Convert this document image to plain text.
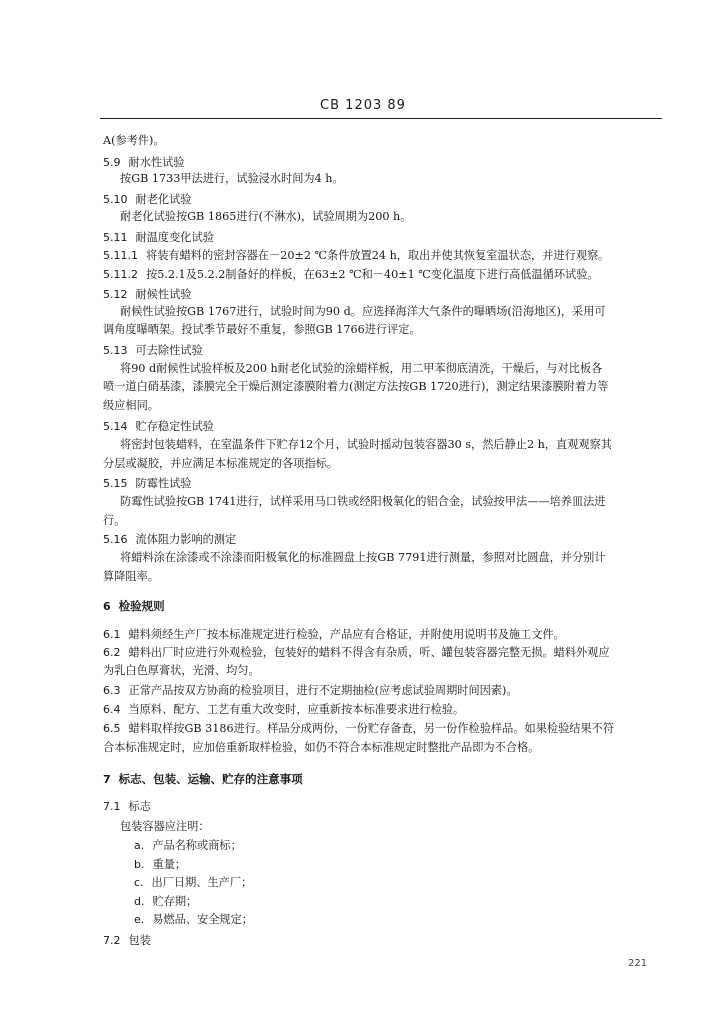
CB 1203 89
A(参考件)。
5.9 耐水性试验
按GB 1733甲法进行，试验浸水时间为4 h。
5.10 耐老化试验
耐老化试验按GB 1865进行(不淋水)，试验周期为200 h。
5.11 耐温度变化试验
5.11.1 将装有蜡料的密封容器在－20±2 ℃条件放置24 h，取出并使其恢复室温状态，并进行观察。
5.11.2 按5.2.1及5.2.2制备好的样板，在63±2 ℃和－40±1 ℃变化温度下进行高低温循环试验。
5.12 耐候性试验
耐候性试验按GB 1767进行，试验时间为90 d。应选择海洋大气条件的曝晒场(沿海地区)，采用可
调角度曝晒架。投试季节最好不重复，参照GB 1766进行评定。
5.13 可去除性试验
将90 d耐候性试验样板及200 h耐老化试验的涂蜡样板，用二甲苯彻底清洗，干燥后，与对比板各
喷一道白硝基漆，漆膜完全干燥后测定漆膜附着力(测定方法按GB 1720进行)，测定结果漆膜附着力等
级应相同。
5.14 贮存稳定性试验
将密封包装蜡料，在室温条件下贮存12个月，试验时摇动包装容器30 s，然后静止2 h，直观观察其
分层或凝胶，并应满足本标准规定的各项指标。
5.15 防霉性试验
防霉性试验按GB 1741进行，试样采用马口铁或经阳极氧化的铝合金，试验按甲法——培养皿法进
行。
5.16 流体阻力影响的测定
将蜡料涂在涂漆或不涂漆而阳极氧化的标准圆盘上按GB 7791进行测量，参照对比圆盘，并分别计
算降阻率。
6 检验规则
6.1 蜡料须经生产厂按本标准规定进行检验，产品应有合格证，并附使用说明书及施工文件。
6.2 蜡料出厂时应进行外观检验，包装好的蜡料不得含有杂质，听、罐包装容器完整无损。蜡料外观应
为乳白色厚膏状，光滑、均匀。
6.3 正常产品按双方协商的检验项目，进行不定期抽检(应考虑试验周期时间因素)。
6.4 当原料、配方、工艺有重大改变时，应重新按本标准要求进行检验。
6.5 蜡料取样按GB 3186进行。样品分成两份，一份贮存备查，另一份作检验样品。如果检验结果不符
合本标准规定时，应加倍重新取样检验，如仍不符合本标准规定时整批产品即为不合格。
7 标志、包装、运输、贮存的注意事项
7.1 标志
包装容器应注明：
a. 产品名称或商标；
b. 重量；
c. 出厂日期、生产厂；
d. 贮存期；
e. 易燃品、安全规定；
7.2 包装
221
